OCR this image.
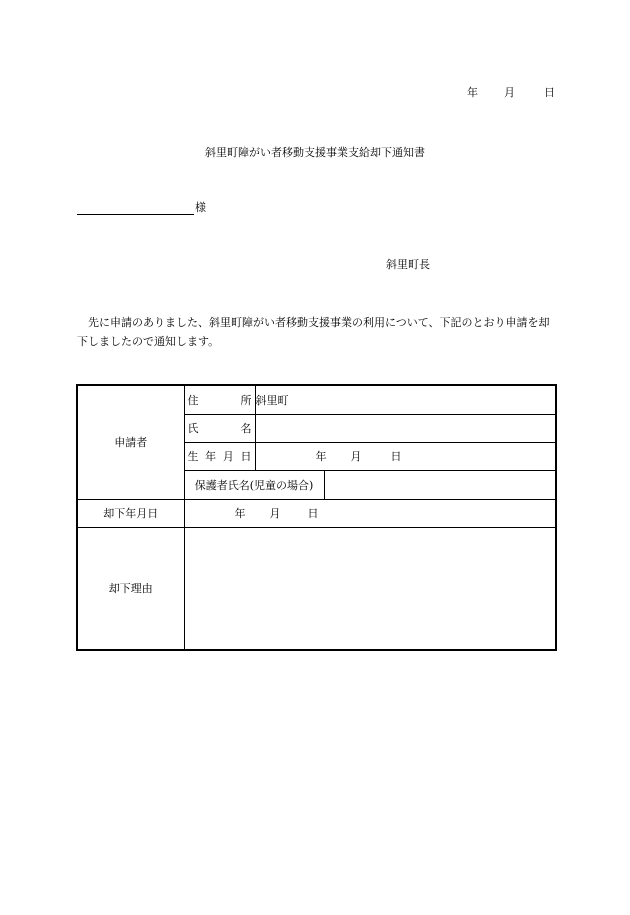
年	月	日
斜里町障がい者移動支援事業支給却下通知書
様
斜里町長
先に申請のありました、斜里町障がい者移動支援事業の利用について、下記のとおり申請を却下しましたので通知します。
申請者	住 所	斜里町	

	氏 名		

	生 年 月 日	年 月 日	

	保護者氏名(児童の場合)		
却下年月日	年 月 日		

却下理由			
